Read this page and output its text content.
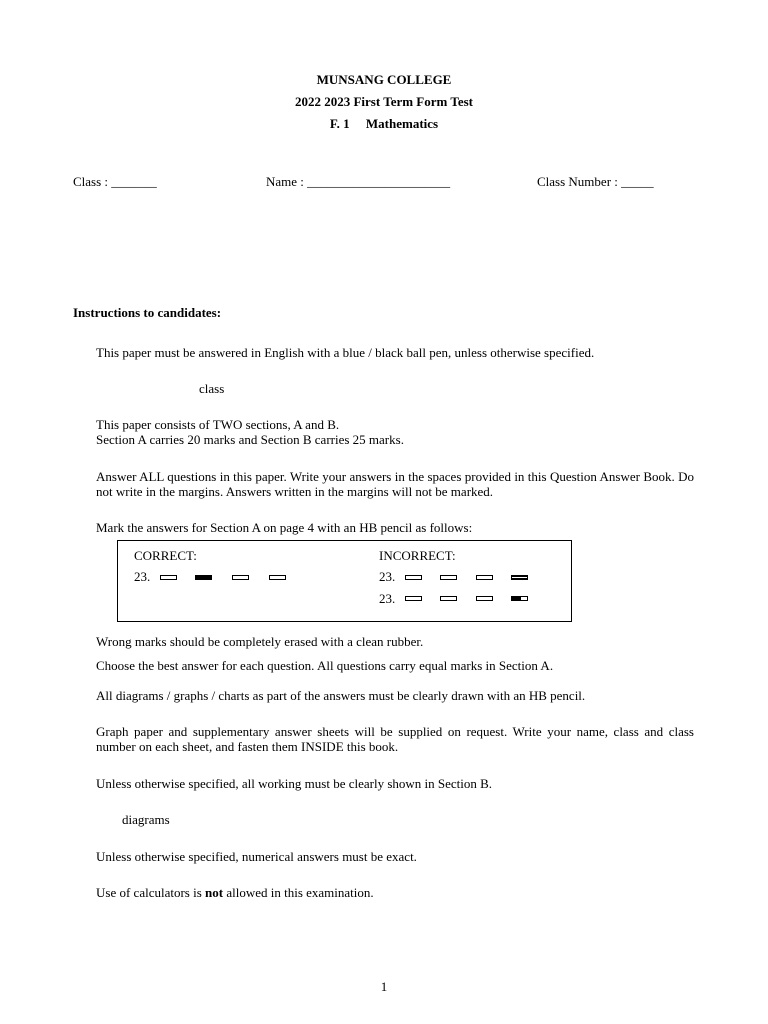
MUNSANG COLLEGE
2022 2023 First Term Form Test
F. 1 Mathematics
Class : _______	Name : ______________________	Class Number : _____
Instructions to candidates:
This paper must be answered in English with a blue / black ball pen, unless otherwise specified.
class
This paper consists of TWO sections, A and B.
Section A carries 20 marks and Section B carries 25 marks.
Answer ALL questions in this paper. Write your answers in the spaces provided in this Question Answer Book. Do not write in the margins. Answers written in the margins will not be marked.
Mark the answers for Section A on page 4 with an HB pencil as follows:
CORRECT:	INCORRECT:
23.	23.
23.
Wrong marks should be completely erased with a clean rubber.
Choose the best answer for each question. All questions carry equal marks in Section A.
All diagrams / graphs / charts as part of the answers must be clearly drawn with an HB pencil.
Graph paper and supplementary answer sheets will be supplied on request. Write your name, class and class number on each sheet, and fasten them INSIDE this book.
Unless otherwise specified, all working must be clearly shown in Section B.
diagrams
Unless otherwise specified, numerical answers must be exact.
Use of calculators is not allowed in this examination.
1
